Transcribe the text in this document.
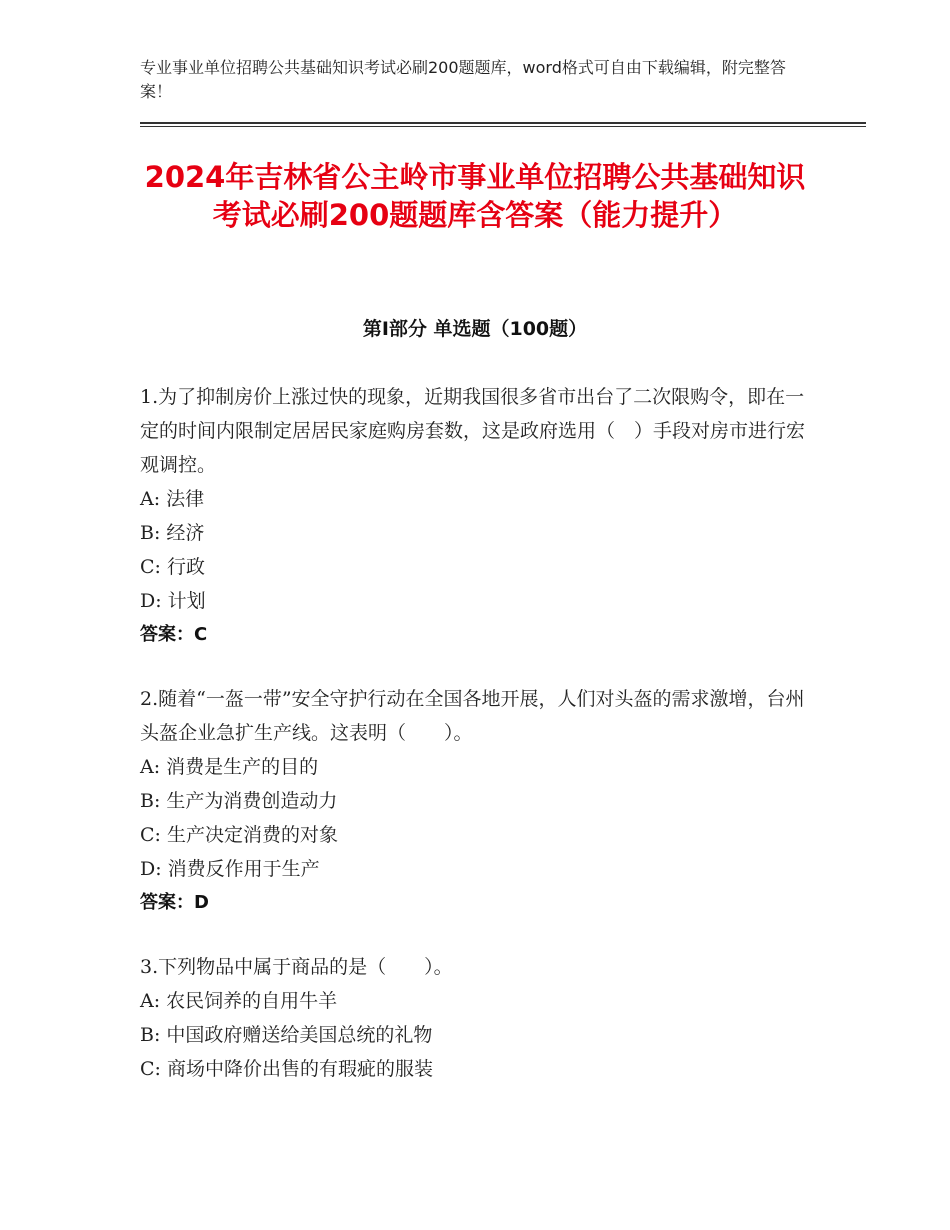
专业事业单位招聘公共基础知识考试必刷200题题库，word格式可自由下载编辑，附完整答案！
2024年吉林省公主岭市事业单位招聘公共基础知识考试必刷200题题库含答案（能力提升）
第Ⅰ部分 单选题（100题）
1.为了抑制房价上涨过快的现象，近期我国很多省市出台了二次限购令，即在一定的时间内限制定居居民家庭购房套数，这是政府选用（　）手段对房市进行宏观调控。
A: 法律
B: 经济
C: 行政
D: 计划
答案：C
2.随着“一盔一带”安全守护行动在全国各地开展，人们对头盔的需求激增，台州头盔企业急扩生产线。这表明（　　）。
A: 消费是生产的目的
B: 生产为消费创造动力
C: 生产决定消费的对象
D: 消费反作用于生产
答案：D
3.下列物品中属于商品的是（　　）。
A: 农民饲养的自用牛羊
B: 中国政府赠送给美国总统的礼物
C: 商场中降价出售的有瑕疵的服装
